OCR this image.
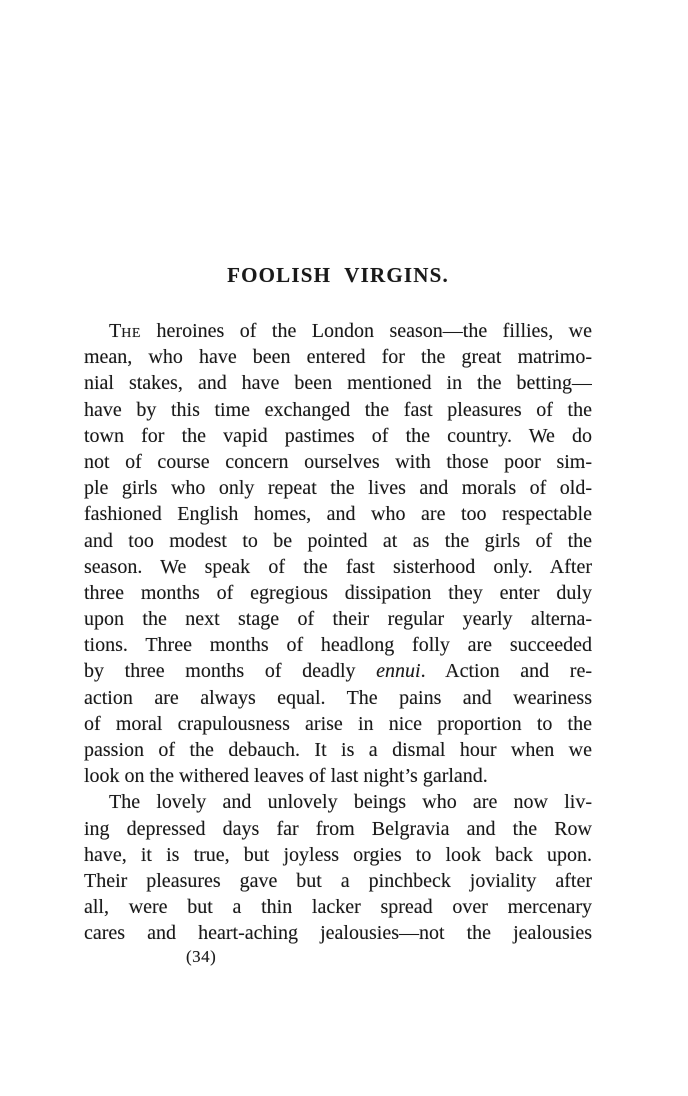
FOOLISH VIRGINS.
The heroines of the London season—the fillies, we
mean, who have been entered for the great matrimo-
nial stakes, and have been mentioned in the betting—
have by this time exchanged the fast pleasures of the
town for the vapid pastimes of the country. We do
not of course concern ourselves with those poor sim-
ple girls who only repeat the lives and morals of old-
fashioned English homes, and who are too respectable
and too modest to be pointed at as the girls of the
season. We speak of the fast sisterhood only. After
three months of egregious dissipation they enter duly
upon the next stage of their regular yearly alterna-
tions. Three months of headlong folly are succeeded
by three months of deadly ennui. Action and re-
action are always equal. The pains and weariness
of moral crapulousness arise in nice proportion to the
passion of the debauch. It is a dismal hour when we
look on the withered leaves of last night’s garland.
The lovely and unlovely beings who are now liv-
ing depressed days far from Belgravia and the Row
have, it is true, but joyless orgies to look back upon.
Their pleasures gave but a pinchbeck joviality after
all, were but a thin lacker spread over mercenary
cares and heart-aching jealousies—not the jealousies
(34)
